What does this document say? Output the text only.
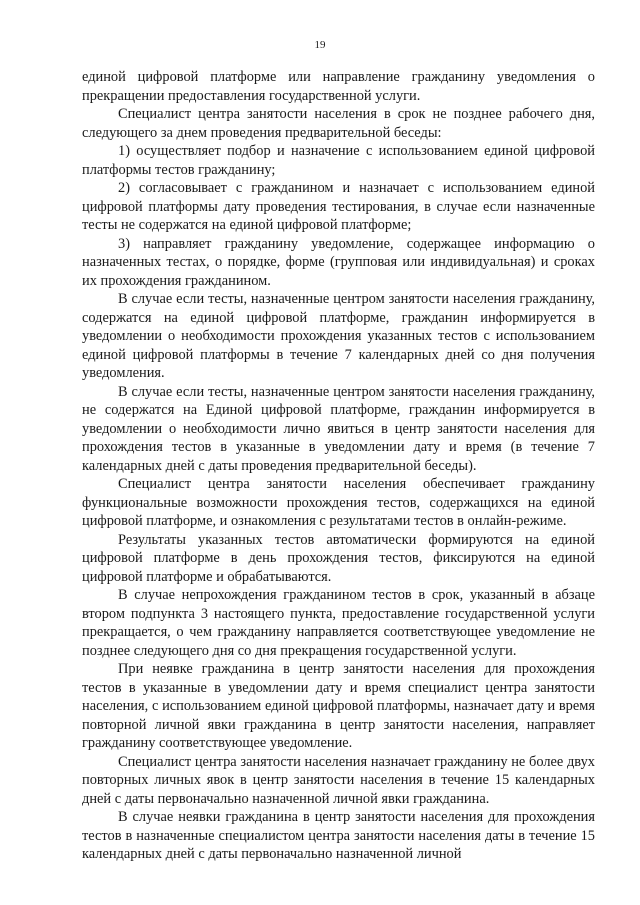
19

единой цифровой платформе или направление гражданину уведомления о прекращении предоставления государственной услуги.

Специалист центра занятости населения в срок не позднее рабочего дня, следующего за днем проведения предварительной беседы:

1) осуществляет подбор и назначение с использованием единой цифровой платформы тестов гражданину;

2) согласовывает с гражданином и назначает с использованием единой цифровой платформы дату проведения тестирования, в случае если назначенные тесты не содержатся на единой цифровой платформе;

3) направляет гражданину уведомление, содержащее информацию о назначенных тестах, о порядке, форме (групповая или индивидуальная) и сроках их прохождения гражданином.

В случае если тесты, назначенные центром занятости населения гражданину, содержатся на единой цифровой платформе, гражданин информируется в уведомлении о необходимости прохождения указанных тестов с использованием единой цифровой платформы в течение 7 календарных дней со дня получения уведомления.

В случае если тесты, назначенные центром занятости населения гражданину, не содержатся на Единой цифровой платформе, гражданин информируется в уведомлении о необходимости лично явиться в центр занятости населения для прохождения тестов в указанные в уведомлении дату и время (в течение 7 календарных дней с даты проведения предварительной беседы).

Специалист центра занятости населения обеспечивает гражданину функциональные возможности прохождения тестов, содержащихся на единой цифровой платформе, и ознакомления с результатами тестов в онлайн-режиме.

Результаты указанных тестов автоматически формируются на единой цифровой платформе в день прохождения тестов, фиксируются на единой цифровой платформе и обрабатываются.

В случае непрохождения гражданином тестов в срок, указанный в абзаце втором подпункта 3 настоящего пункта, предоставление государственной услуги прекращается, о чем гражданину направляется соответствующее уведомление не позднее следующего дня со дня прекращения государственной услуги.

При неявке гражданина в центр занятости населения для прохождения тестов в указанные в уведомлении дату и время специалист центра занятости населения, с использованием единой цифровой платформы, назначает дату и время повторной личной явки гражданина в центр занятости населения, направляет гражданину соответствующее уведомление.

Специалист центра занятости населения назначает гражданину не более двух повторных личных явок в центр занятости населения в течение 15 календарных дней с даты первоначально назначенной личной явки гражданина.

В случае неявки гражданина в центр занятости населения для прохождения тестов в назначенные специалистом центра занятости населения даты в течение 15 календарных дней с даты первоначально назначенной личной
